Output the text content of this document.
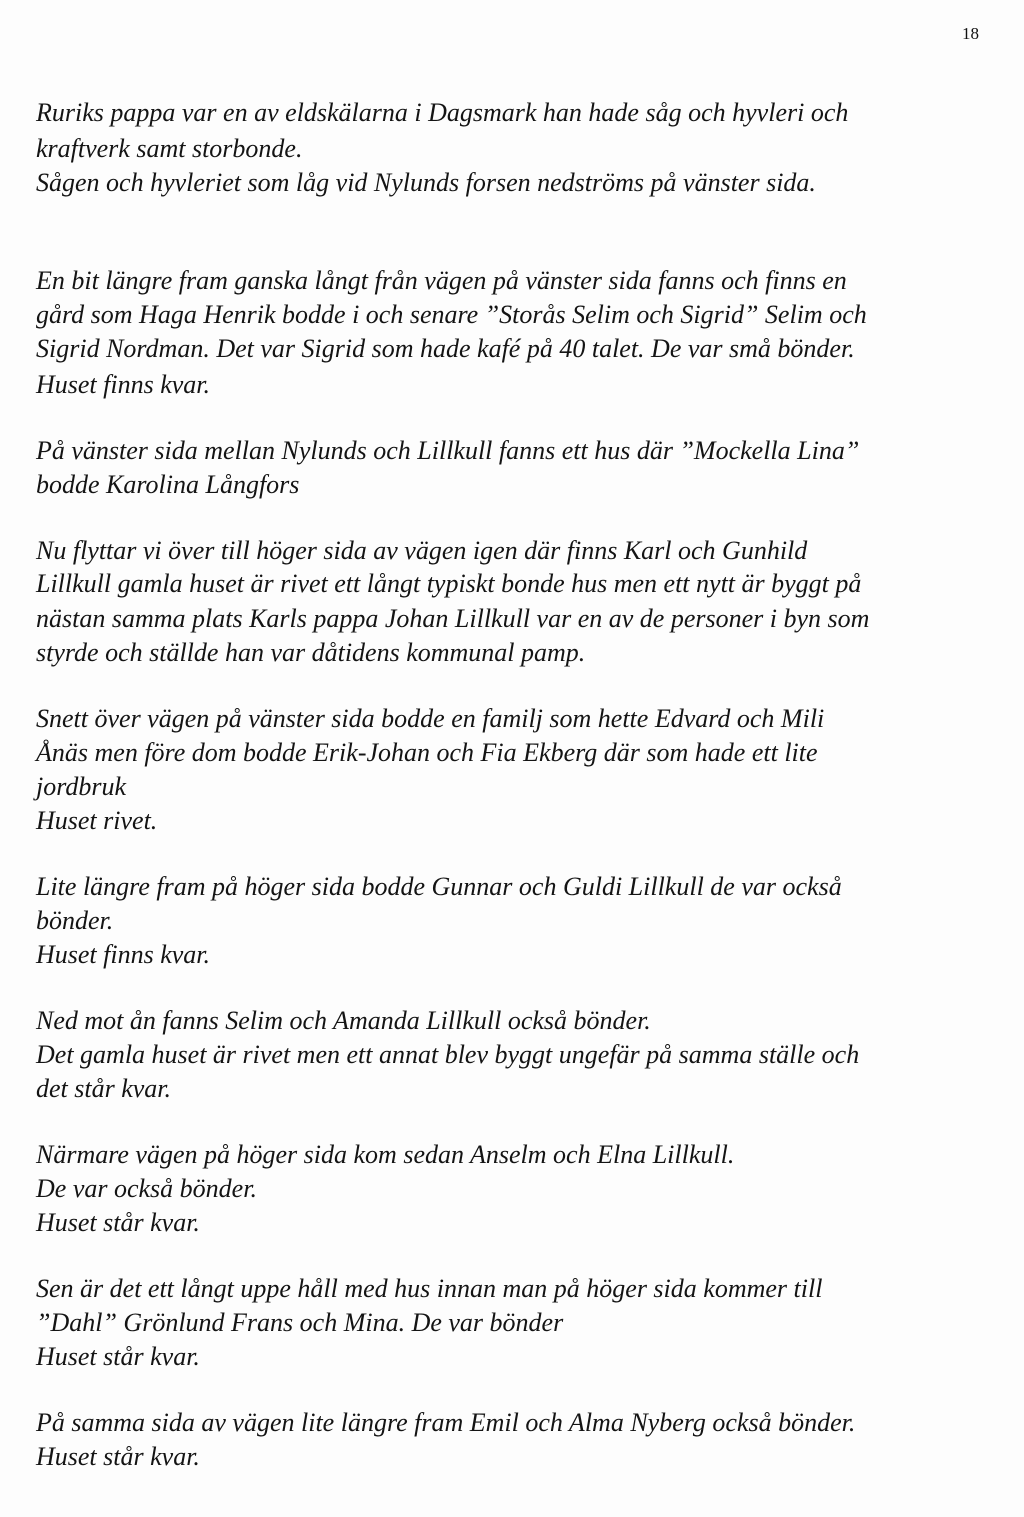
18

Ruriks pappa var en av eldskälarna i Dagsmark han hade såg och hyvleri och

kraftverk samt storbonde.

Sågen och hyvleriet som låg vid Nylunds forsen nedströms på vänster sida.

En bit längre fram ganska långt från vägen på vänster sida fanns och finns en

gård som Haga Henrik bodde i och senare ”Storås Selim och Sigrid” Selim och

Sigrid Nordman. Det var Sigrid som hade kafé på 40 talet. De var små bönder.

Huset finns kvar.

På vänster sida mellan Nylunds och Lillkull fanns ett hus där ”Mockella Lina”

bodde Karolina Långfors

Nu flyttar vi över till höger sida av vägen igen där finns Karl och Gunhild

Lillkull gamla huset är rivet ett långt typiskt bonde hus men ett nytt är byggt på

nästan samma plats Karls pappa Johan Lillkull var en av de personer i byn som

styrde och ställde han var dåtidens kommunal pamp.

Snett över vägen på vänster sida bodde en familj som hette Edvard och Mili

Ånäs men före dom bodde Erik-Johan och Fia Ekberg där som hade ett lite

jordbruk

Huset rivet.

Lite längre fram på höger sida bodde Gunnar och Guldi Lillkull de var också

bönder.

Huset finns kvar.

Ned mot ån fanns Selim och Amanda Lillkull också bönder.

Det gamla huset är rivet men ett annat blev byggt ungefär på samma ställe och

det står kvar.

Närmare vägen på höger sida kom sedan Anselm och Elna Lillkull.

De var också bönder.

Huset står kvar.

Sen är det ett långt uppe håll med hus innan man på höger sida kommer till

”Dahl” Grönlund Frans och Mina. De var bönder

Huset står kvar.

På samma sida av vägen lite längre fram Emil och Alma Nyberg också bönder.

Huset står kvar.
